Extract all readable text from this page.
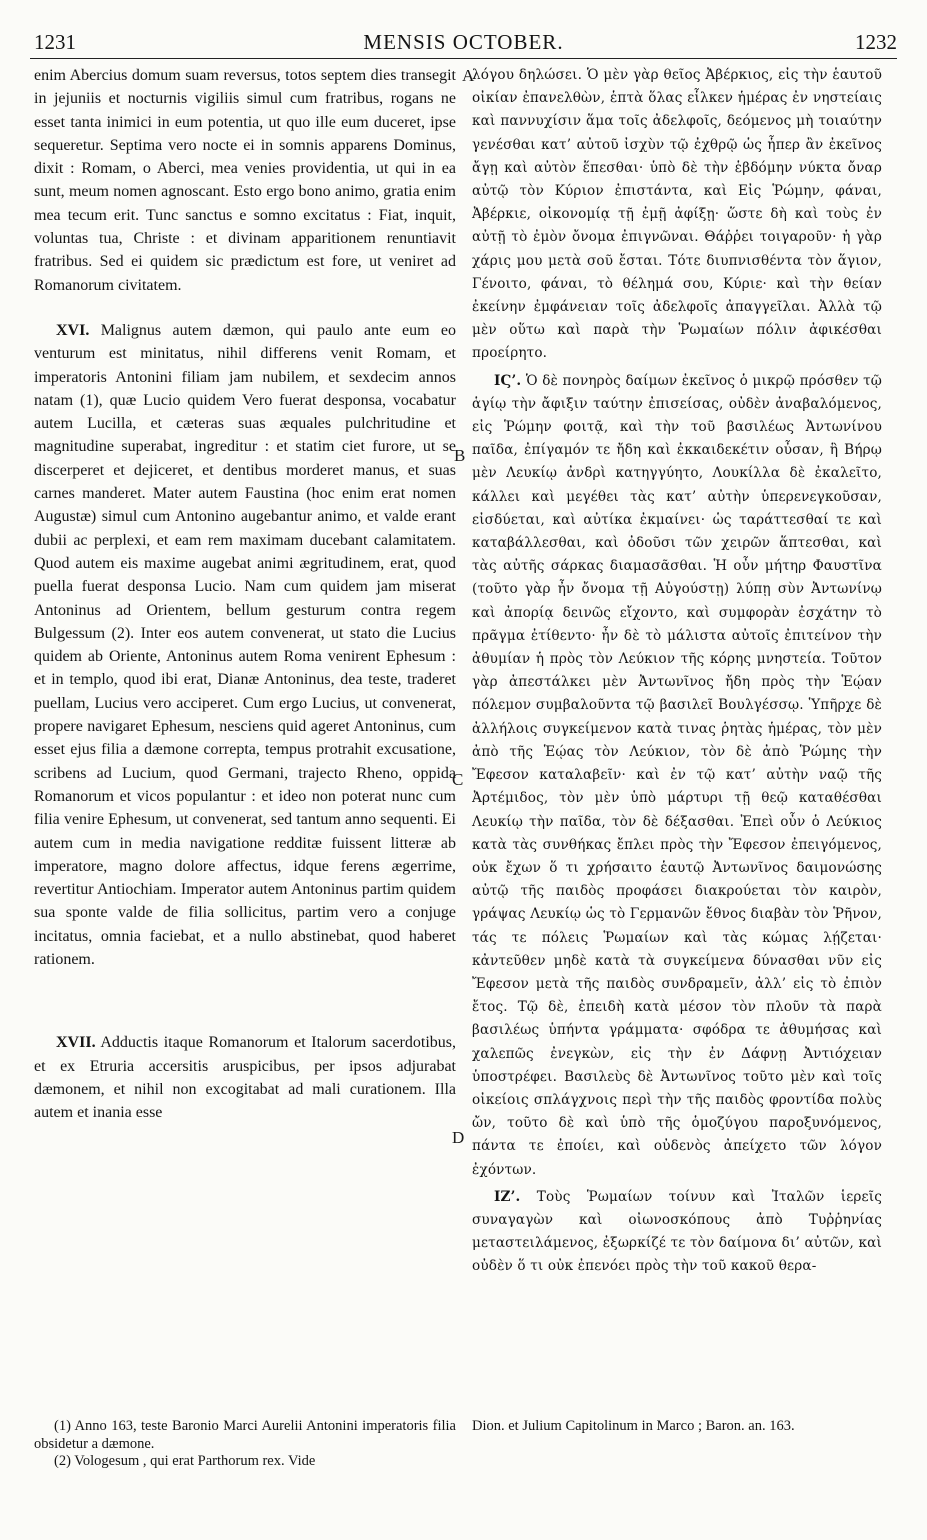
1231	MENSIS OCTOBER.	1232
enim Abercius domum suam reversus, totos septem dies transegit in jejuniis et nocturnis vigiliis simul cum fratribus, rogans ne esset tanta inimici in eum potentia, ut quo ille eum duceret, ipse sequeretur. Septima vero nocte ei in somnis apparens Dominus, dixit : Romam, o Aberci, mea venies providentia, ut qui in ea sunt, meum nomen agnoscant. Esto ergo bono animo, gratia enim mea tecum erit. Tunc sanctus e somno excitatus : Fiat, inquit, voluntas tua, Christe : et divinam apparitionem renuntiavit fratribus. Sed ei quidem sic prædictum est fore, ut veniret ad Romanorum civitatem.
XVI. Malignus autem dæmon, qui paulo ante eum eo venturum est minitatus, nihil differens venit Romam, et imperatoris Antonini filiam jam nubilem, et sexdecim annos natam (1), quæ Lucio quidem Vero fuerat desponsa, vocabatur autem Lucilla, et cæteras suas æquales pulchritudine et magnitudine superabat, ingreditur : et statim ciet furore, ut se discerperet et dejiceret, et dentibus morderet manus, et suas carnes manderet. Mater autem Faustina (hoc enim erat nomen Augustæ) simul cum Antonino augebantur animo, et valde erant dubii ac perplexi, et eam rem maximam ducebant calamitatem. Quod autem eis maxime augebat animi ægritudinem, erat, quod puella fuerat desponsa Lucio. Nam cum quidem jam miserat Antoninus ad Orientem, bellum gesturum contra regem Bulgessum (2). Inter eos autem convenerat, ut stato die Lucius quidem ab Oriente, Antoninus autem Roma venirent Ephesum : et in templo, quod ibi erat, Dianæ Antoninus, dea teste, traderet puellam, Lucius vero acciperet. Cum ergo Lucius, ut convenerat, propere navigaret Ephesum, nesciens quid ageret Antoninus, cum esset ejus filia a dæmone correpta, tempus protrahit excusatione, scribens ad Lucium, quod Germani, trajecto Rheno, oppida Romanorum et vicos populantur : et ideo non poterat nunc cum filia venire Ephesum, ut convenerat, sed tantum anno sequenti. Ei autem cum in media navigatione redditæ fuissent litteræ ab imperatore, magno dolore affectus, idque ferens ægerrime, revertitur Antiochiam. Imperator autem Antoninus partim quidem sua sponte valde de filia sollicitus, partim vero a conjuge incitatus, omnia faciebat, et a nullo abstinebat, quod haberet rationem.
XVII. Adductis itaque Romanorum et Italorum sacerdotibus, et ex Etruria accersitis aruspicibus, per ipsos adjurabat dæmonem, et nihil non excogitabat ad mali curationem. Illa autem et inania esse
A
B
C
D
λόγου δηλώσει. Ὁ μὲν γὰρ θεῖος Ἀβέρκιος, εἰς τὴν ἑαυτοῦ οἰκίαν ἐπανελθὼν, ἑπτὰ ὅλας εἷλκεν ἡμέρας ἐν νηστείαις καὶ παννυχίσιν ἅμα τοῖς ἀδελφοῖς, δεόμενος μὴ τοιαύτην γενέσθαι κατ’ αὐτοῦ ἰσχὺν τῷ ἐχθρῷ ὡς ἧπερ ἂν ἐκεῖνος ἄγῃ καὶ αὐτὸν ἕπεσθαι· ὑπὸ δὲ τὴν ἑβδόμην νύκτα ὄναρ αὐτῷ τὸν Κύριον ἐπιστάντα, καὶ Εἰς Ῥώμην, φάναι, Ἀβέρκιε, οἰκονομίᾳ τῇ ἐμῇ ἀφίξῃ· ὥστε δὴ καὶ τοὺς ἐν αὐτῇ τὸ ἐμὸν ὄνομα ἐπιγνῶναι. Θάῤῥει τοιγαροῦν· ἡ γὰρ χάρις μου μετὰ σοῦ ἔσται. Τότε διυπνισθέντα τὸν ἅγιον, Γένοιτο, φάναι, τὸ θέλημά σου, Κύριε· καὶ τὴν θείαν ἐκείνην ἐμφάνειαν τοῖς ἀδελφοῖς ἀπαγγεῖλαι. Ἀλλὰ τῷ μὲν οὕτω καὶ παρὰ τὴν Ῥωμαίων πόλιν ἀφικέσθαι προείρητο.
ΙϚ’. Ὁ δὲ πονηρὸς δαίμων ἐκεῖνος ὁ μικρῷ πρόσθεν τῷ ἁγίῳ τὴν ἄφιξιν ταύτην ἐπισείσας, οὐδὲν ἀναβαλόμενος, εἰς Ῥώμην φοιτᾷ, καὶ τὴν τοῦ βασιλέως Ἀντωνίνου παῖδα, ἐπίγαμόν τε ἤδη καὶ ἐκκαιδεκέτιν οὖσαν, ἣ Βήρῳ μὲν Λευκίῳ ἀνδρὶ κατηγγύητο, Λουκίλλα δὲ ἐκαλεῖτο, κάλλει καὶ μεγέθει τὰς κατ’ αὐτὴν ὑπερενεγκοῦσαν, εἰσδύεται, καὶ αὐτίκα ἐκμαίνει· ὡς ταράττεσθαί τε καὶ καταβάλλεσθαι, καὶ ὀδοῦσι τῶν χειρῶν ἅπτεσθαι, καὶ τὰς αὐτῆς σάρκας διαμασᾶσθαι. Ἡ οὖν μήτηρ Φαυστῖνα (τοῦτο γὰρ ἦν ὄνομα τῇ Αὐγούστῃ) λύπῃ σὺν Ἀντωνίνῳ καὶ ἀπορίᾳ δεινῶς εἴχοντο, καὶ συμφορὰν ἐσχάτην τὸ πρᾶγμα ἐτίθεντο· ἦν δὲ τὸ μάλιστα αὐτοῖς ἐπιτείνον τὴν ἀθυμίαν ἡ πρὸς τὸν Λεύκιον τῆς κόρης μνηστεία. Τοῦτον γὰρ ἀπεστάλκει μὲν Ἀντωνῖνος ἤδη πρὸς τὴν Ἑῴαν πόλεμον συμβαλοῦντα τῷ βασιλεῖ Βουλγέσσῳ. Ὑπῆρχε δὲ ἀλλήλοις συγκείμενον κατὰ τινας ῥητὰς ἡμέρας, τὸν μὲν ἀπὸ τῆς Ἑῴας τὸν Λεύκιον, τὸν δὲ ἀπὸ Ῥώμης τὴν Ἔφεσον καταλαβεῖν· καὶ ἐν τῷ κατ’ αὐτὴν ναῷ τῆς Ἀρτέμιδος, τὸν μὲν ὑπὸ μάρτυρι τῇ θεῷ καταθέσθαι Λευκίῳ τὴν παῖδα, τὸν δὲ δέξασθαι. Ἐπεὶ οὖν ὁ Λεύκιος κατὰ τὰς συνθήκας ἔπλει πρὸς τὴν Ἔφεσον ἐπειγόμενος, οὐκ ἔχων ὅ τι χρήσαιτο ἑαυτῷ Ἀντωνῖνος δαιμονώσης αὐτῷ τῆς παιδὸς προφάσει διακρούεται τὸν καιρὸν, γράψας Λευκίῳ ὡς τὸ Γερμανῶν ἔθνος διαβὰν τὸν Ῥῆνον, τάς τε πόλεις Ῥωμαίων καὶ τὰς κώμας λῄζεται· κἀντεῦθεν μηδὲ κατὰ τὰ συγκείμενα δύνασθαι νῦν εἰς Ἔφεσον μετὰ τῆς παιδὸς συνδραμεῖν, ἀλλ’ εἰς τὸ ἐπιὸν ἔτος. Τῷ δὲ, ἐπειδὴ κατὰ μέσον τὸν πλοῦν τὰ παρὰ βασιλέως ὑπήντα γράμματα· σφόδρα τε ἀθυμήσας καὶ χαλεπῶς ἐνεγκὼν, εἰς τὴν ἐν Δάφνῃ Ἀντιόχειαν ὑποστρέφει. Βασιλεὺς δὲ Ἀντωνῖνος τοῦτο μὲν καὶ τοῖς οἰκείοις σπλάγχνοις περὶ τὴν τῆς παιδὸς φροντίδα πολὺς ὤν, τοῦτο δὲ καὶ ὑπὸ τῆς ὁμοζύγου παροξυνόμενος, πάντα τε ἐποίει, καὶ οὐδενὸς ἀπείχετο τῶν λόγον ἐχόντων.
ΙΖ’. Τοὺς Ῥωμαίων τοίνυν καὶ Ἰταλῶν ἱερεῖς συναγαγὼν καὶ οἰωνοσκόπους ἀπὸ Τυῤῥηνίας μεταστειλάμενος, ἐξωρκίζέ τε τὸν δαίμονα δι’ αὐτῶν, καὶ οὐδὲν ὅ τι οὐκ ἐπενόει πρὸς τὴν τοῦ κακοῦ θερα-
(1) Anno 163, teste Baronio Marci Aurelii Antonini imperatoris filia obsidetur a dæmone.
(2) Vologesum , qui erat Parthorum rex. Vide
Dion. et Julium Capitolinum in Marco ; Baron. an. 163.
